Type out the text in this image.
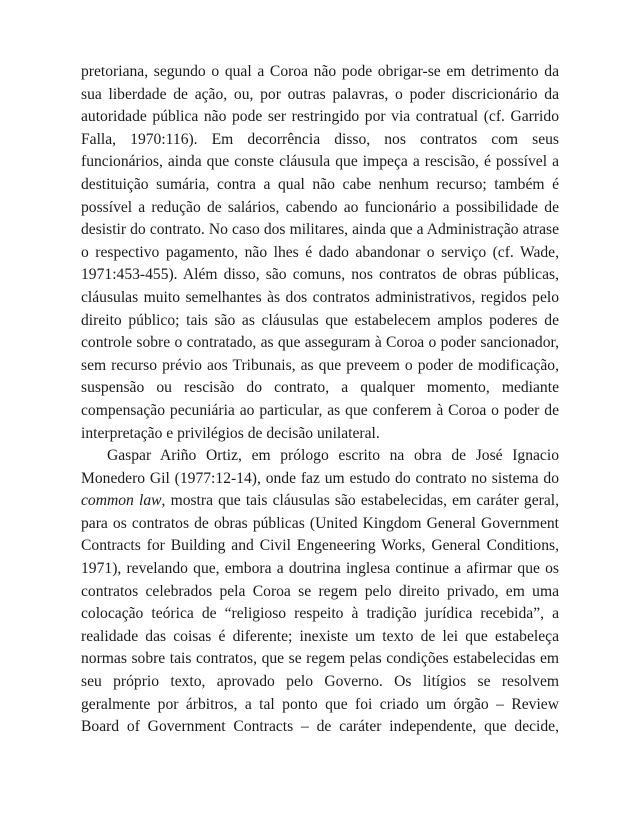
pretoriana, segundo o qual a Coroa não pode obrigar-se em detrimento da
sua liberdade de ação, ou, por outras palavras, o poder discricionário da
autoridade pública não pode ser restringido por via contratual (cf. Garrido
Falla, 1970:116). Em decorrência disso, nos contratos com seus
funcionários, ainda que conste cláusula que impeça a rescisão, é possível a
destituição sumária, contra a qual não cabe nenhum recurso; também é
possível a redução de salários, cabendo ao funcionário a possibilidade de
desistir do contrato. No caso dos militares, ainda que a Administração atrase
o respectivo pagamento, não lhes é dado abandonar o serviço (cf. Wade,
1971:453-455). Além disso, são comuns, nos contratos de obras públicas,
cláusulas muito semelhantes às dos contratos administrativos, regidos pelo
direito público; tais são as cláusulas que estabelecem amplos poderes de
controle sobre o contratado, as que asseguram à Coroa o poder sancionador,
sem recurso prévio aos Tribunais, as que preveem o poder de modificação,
suspensão ou rescisão do contrato, a qualquer momento, mediante
compensação pecuniária ao particular, as que conferem à Coroa o poder de
interpretação e privilégios de decisão unilateral.
Gaspar Ariño Ortiz, em prólogo escrito na obra de José Ignacio
Monedero Gil (1977:12-14), onde faz um estudo do contrato no sistema do
common law, mostra que tais cláusulas são estabelecidas, em caráter geral,
para os contratos de obras públicas (United Kingdom General Government
Contracts for Building and Civil Engeneering Works, General Conditions,
1971), revelando que, embora a doutrina inglesa continue a afirmar que os
contratos celebrados pela Coroa se regem pelo direito privado, em uma
colocação teórica de “religioso respeito à tradição jurídica recebida”, a
realidade das coisas é diferente; inexiste um texto de lei que estabeleça
normas sobre tais contratos, que se regem pelas condições estabelecidas em
seu próprio texto, aprovado pelo Governo. Os litígios se resolvem
geralmente por árbitros, a tal ponto que foi criado um órgão – Review
Board of Government Contracts – de caráter independente, que decide,
